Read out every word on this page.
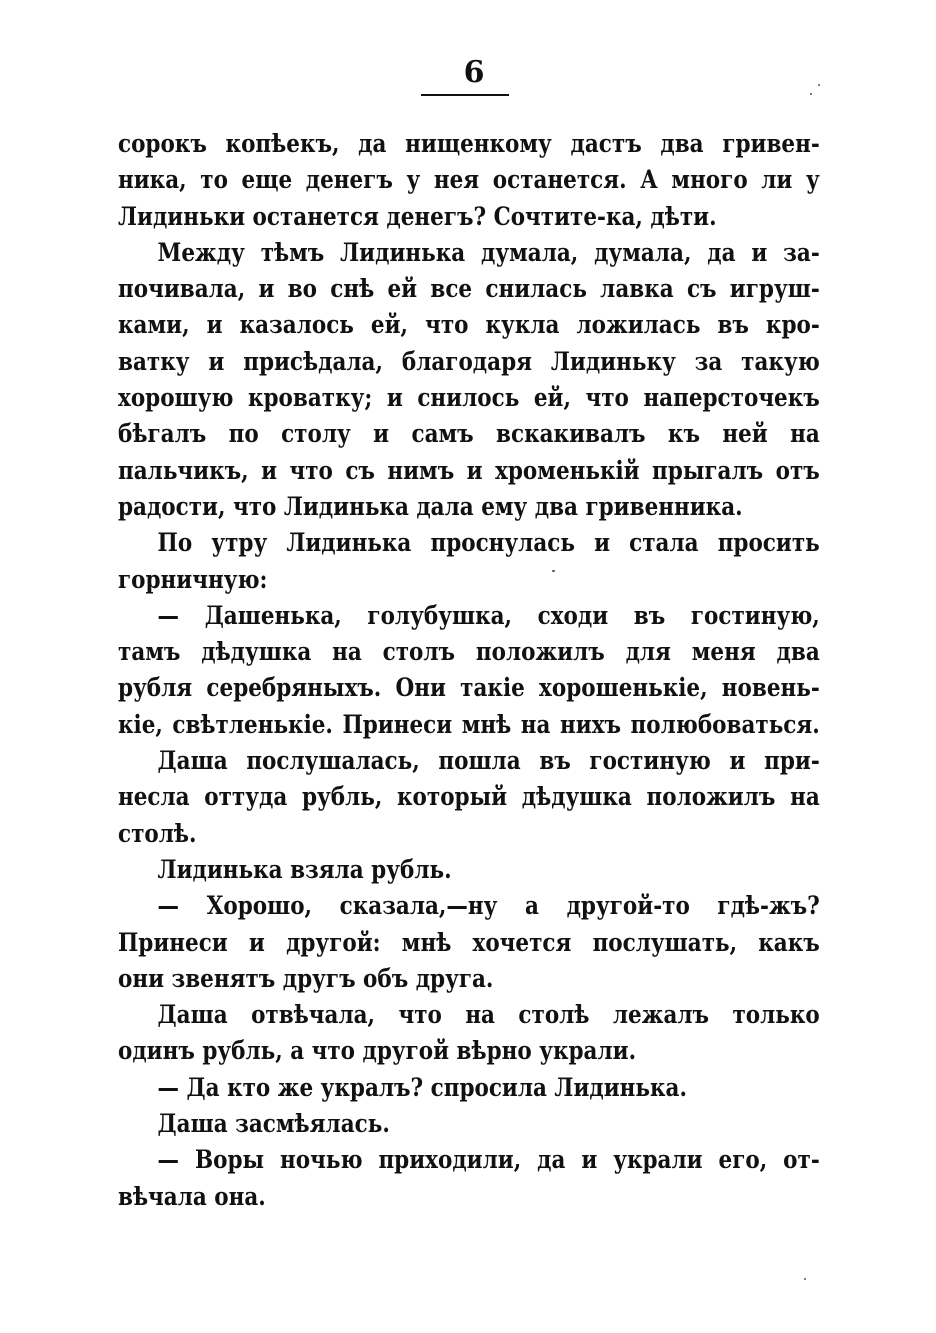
6
сорокъ копѣекъ, да нищенкому дастъ два гривен-
ника, то еще денегъ у нея останется. А много ли у
Лидиньки останется денегъ? Сочтите-ка, дѣти.
Между тѣмъ Лидинька думала, думала, да и за-
почивала, и во снѣ ей все снилась лавка съ игруш-
ками, и казалось ей, что кукла ложилась въ кро-
ватку и присѣдала, благодаря Лидиньку за такую
хорошую кроватку; и снилось ей, что наперсточекъ
бѣгалъ по столу и самъ вскакивалъ къ ней на
пальчикъ, и что съ нимъ и хроменькій прыгалъ отъ
радости, что Лидинька дала ему два гривенника.
По утру Лидинька проснулась и стала просить
горничную:
— Дашенька, голубушка, сходи въ гостиную,
тамъ дѣдушка на столъ положилъ для меня два
рубля серебряныхъ. Они такіе хорошенькіе, новень-
кіе, свѣтленькіе. Принеси мнѣ на нихъ полюбоваться.
Даша послушалась, пошла въ гостиную и при-
несла оттуда рубль, который дѣдушка положилъ на
столѣ.
Лидинька взяла рубль.
— Хорошо, сказала,—ну а другой-то гдѣ-жъ?
Принеси и другой: мнѣ хочется послушать, какъ
они звенятъ другъ объ друга.
Даша отвѣчала, что на столѣ лежалъ только
одинъ рубль, а что другой вѣрно украли.
— Да кто же укралъ? спросила Лидинька.
Даша засмѣялась.
— Воры ночью приходили, да и украли его, от-
вѣчала она.
